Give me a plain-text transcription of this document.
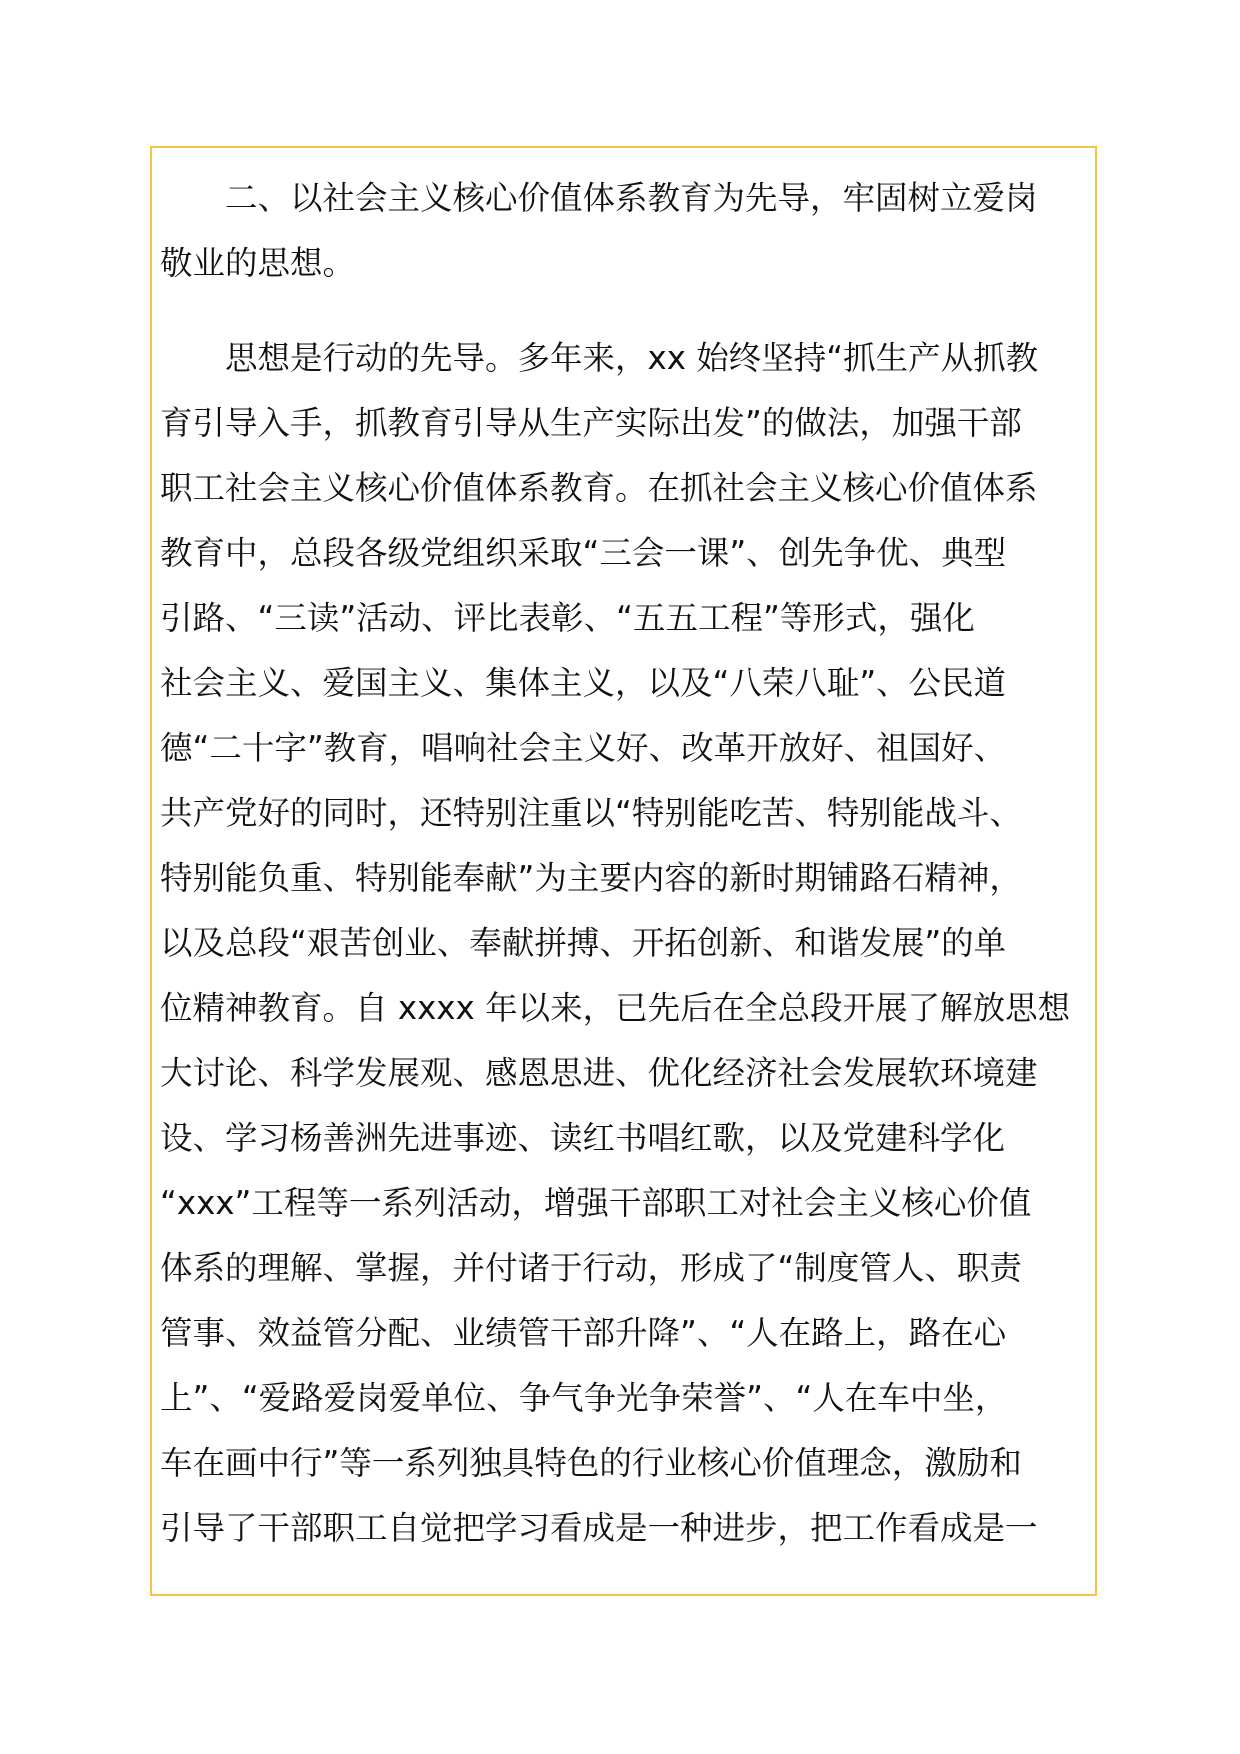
二、以社会主义核心价值体系教育为先导，牢固树立爱岗
敬业的思想。
思想是行动的先导。多年来，xx 始终坚持“抓生产从抓教
育引导入手，抓教育引导从生产实际出发”的做法，加强干部
职工社会主义核心价值体系教育。在抓社会主义核心价值体系
教育中，总段各级党组织采取“三会一课”、创先争优、典型
引路、“三读”活动、评比表彰、“五五工程”等形式，强化
社会主义、爱国主义、集体主义，以及“八荣八耻”、公民道
德“二十字”教育，唱响社会主义好、改革开放好、祖国好、
共产党好的同时，还特别注重以“特别能吃苦、特别能战斗、
特别能负重、特别能奉献”为主要内容的新时期铺路石精神，
以及总段“艰苦创业、奉献拼搏、开拓创新、和谐发展”的单
位精神教育。自 xxxx 年以来，已先后在全总段开展了解放思想
大讨论、科学发展观、感恩思进、优化经济社会发展软环境建
设、学习杨善洲先进事迹、读红书唱红歌，以及党建科学化
“xxx”工程等一系列活动，增强干部职工对社会主义核心价值
体系的理解、掌握，并付诸于行动，形成了“制度管人、职责
管事、效益管分配、业绩管干部升降”、“人在路上，路在心
上”、“爱路爱岗爱单位、争气争光争荣誉”、“人在车中坐，
车在画中行”等一系列独具特色的行业核心价值理念，激励和
引导了干部职工自觉把学习看成是一种进步，把工作看成是一
